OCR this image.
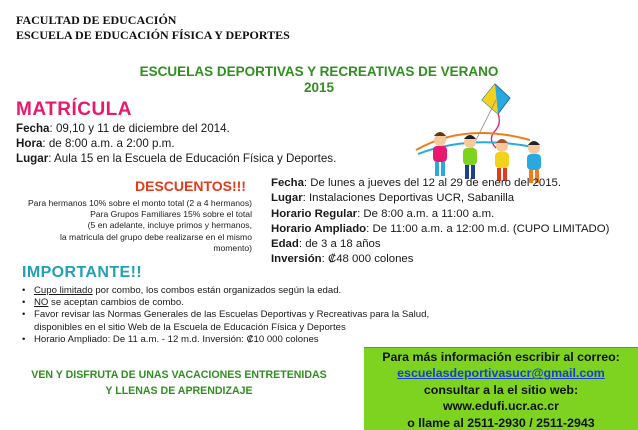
FACULTAD DE EDUCACIÓN
ESCUELA DE EDUCACIÓN FÍSICA Y DEPORTES
ESCUELAS DEPORTIVAS Y RECREATIVAS DE VERANO
2015
MATRÍCULA
Fecha: 09,10 y 11 de diciembre del 2014.
Hora: de 8:00 a.m. a 2:00 p.m.
Lugar: Aula 15 en la Escuela de Educación Física y Deportes.
DESCUENTOS!!!
Para hermanos 10% sobre el monto total (2 a 4 hermanos)
Para Grupos Familiares 15% sobre el total
(5 en adelante, incluye primos y hermanos,
la matricula del grupo debe realizarse en el mismo
momento)
Fecha: De lunes a jueves del 12 al 29 de enero del 2015.
Lugar: Instalaciones Deportivas UCR, Sabanilla
Horario Regular: De 8:00 a.m. a 11:00 a.m.
Horario Ampliado: De 11:00 a.m. a 12:00 m.d. (CUPO LIMITADO)
Edad: de 3 a 18 años
Inversión: ₡48 000 colones
IMPORTANTE!!
• Cupo limitado por combo, los combos están organizados según la edad.
• NO se aceptan cambios de combo.
• Favor revisar las Normas Generales de las Escuelas Deportivas y Recreativas para la Salud,
disponibles en el sitio Web de la Escuela de Educación Física y Deportes
• Horario Ampliado: De 11 a.m. - 12 m.d. Inversión: ₡10 000 colones
VEN Y DISFRUTA DE UNAS VACACIONES ENTRETENIDAS
Y LLENAS DE APRENDIZAJE
Para más información escribir al correo:
escuelasdeportivasucr@gmail.com
consultar a la el sitio web:
www.edufi.ucr.ac.cr
o llame al 2511-2930 / 2511-2943
